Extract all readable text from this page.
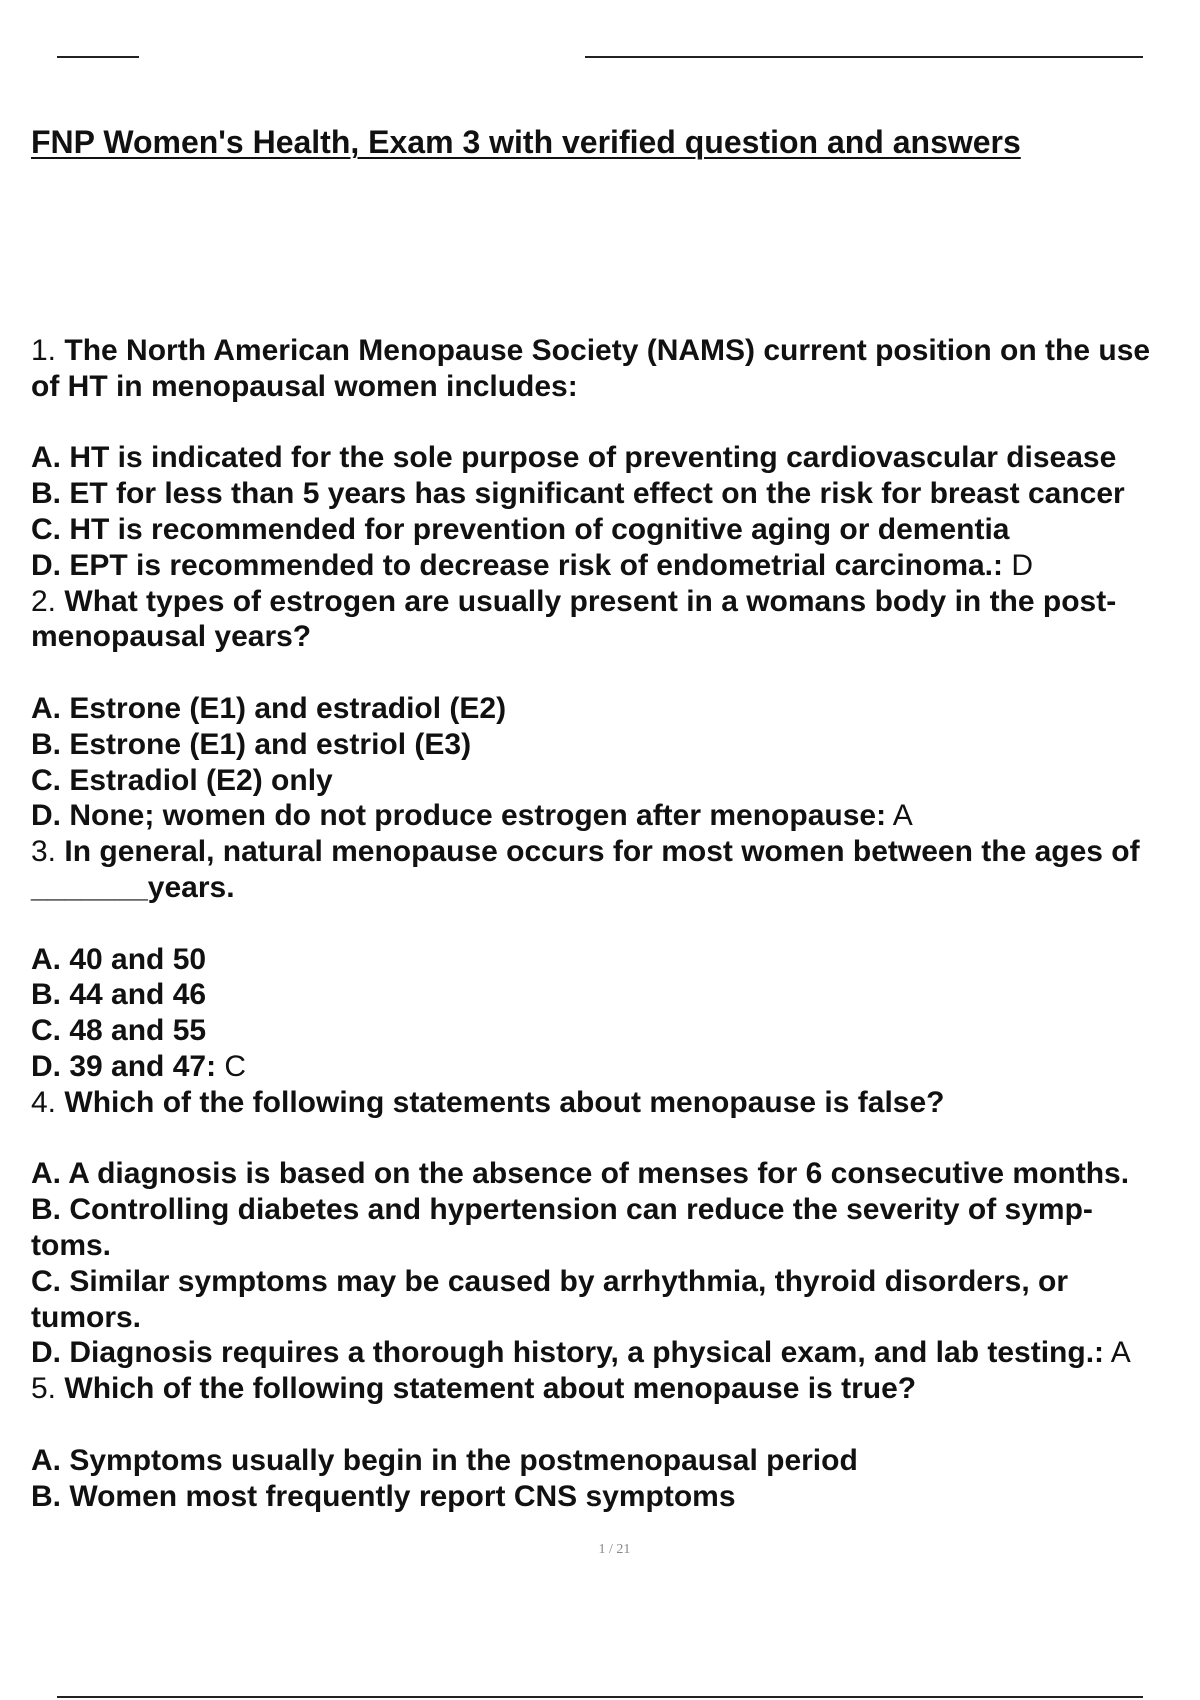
FNP Women's Health, Exam 3 with verified question and answers
1. The North American Menopause Society (NAMS) current position on the use
of HT in menopausal women includes:
A. HT is indicated for the sole purpose of preventing cardiovascular disease
B. ET for less than 5 years has significant effect on the risk for breast cancer
C. HT is recommended for prevention of cognitive aging or dementia
D. EPT is recommended to decrease risk of endometrial carcinoma.: D
2. What types of estrogen are usually present in a womans body in the post-
menopausal years?
A. Estrone (E1) and estradiol (E2)
B. Estrone (E1) and estriol (E3)
C. Estradiol (E2) only
D. None; women do not produce estrogen after menopause: A
3. In general, natural menopause occurs for most women between the ages of
_______years.
A. 40 and 50
B. 44 and 46
C. 48 and 55
D. 39 and 47: C
4. Which of the following statements about menopause is false?
A. A diagnosis is based on the absence of menses for 6 consecutive months.
B. Controlling diabetes and hypertension can reduce the severity of symp-
toms.
C. Similar symptoms may be caused by arrhythmia, thyroid disorders, or
tumors.
D. Diagnosis requires a thorough history, a physical exam, and lab testing.: A
5. Which of the following statement about menopause is true?
A. Symptoms usually begin in the postmenopausal period
B. Women most frequently report CNS symptoms
1 / 21
